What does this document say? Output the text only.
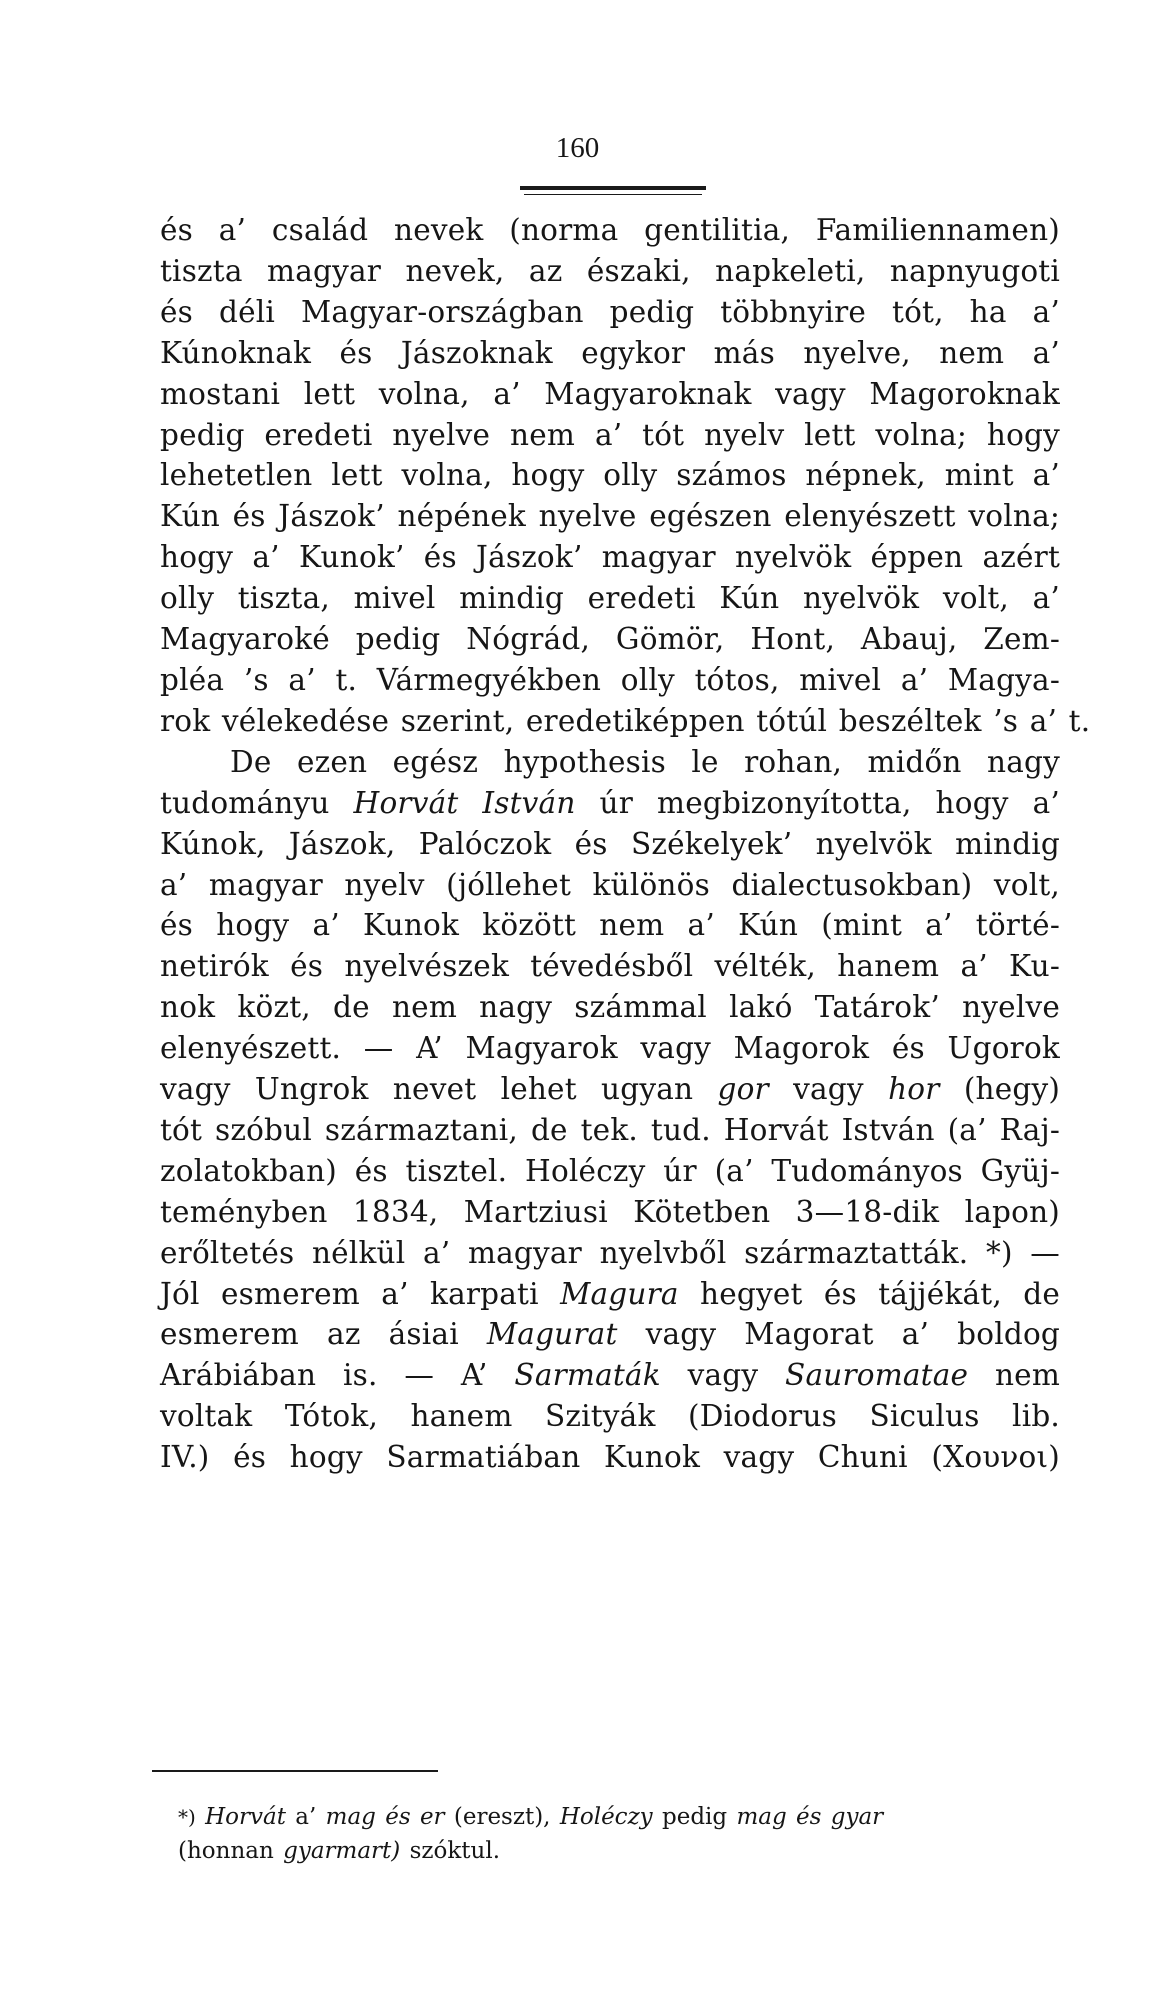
160
és a’ család nevek (norma gentilitia, Familiennamen)
tiszta magyar nevek, az északi, napkeleti, napnyugoti
és déli Magyar-országban pedig többnyire tót, ha a’
Kúnoknak és Jászoknak egykor más nyelve, nem a’
mostani lett volna, a’ Magyaroknak vagy Magoroknak
pedig eredeti nyelve nem a’ tót nyelv lett volna; hogy
lehetetlen lett volna, hogy olly számos népnek, mint a’
Kún és Jászok’ népének nyelve egészen elenyészett volna;
hogy a’ Kunok’ és Jászok’ magyar nyelvök éppen azért
olly tiszta, mivel mindig eredeti Kún nyelvök volt, a’
Magyaroké pedig Nógrád, Gömör, Hont, Abauj, Zem-
pléa ’s a’ t. Vármegyékben olly tótos, mivel a’ Magya-
rok vélekedése szerint, eredetiképpen tótúl beszéltek ’s a’ t.
De ezen egész hypothesis le rohan, midőn nagy
tudományu Horvát István úr megbizonyította, hogy a’
Kúnok, Jászok, Palóczok és Székelyek’ nyelvök mindig
a’ magyar nyelv (jóllehet különös dialectusokban) volt,
és hogy a’ Kunok között nem a’ Kún (mint a’ törté-
netirók és nyelvészek tévedésből vélték, hanem a’ Ku-
nok közt, de nem nagy számmal lakó Tatárok’ nyelve
elenyészett. — A’ Magyarok vagy Magorok és Ugorok
vagy Ungrok nevet lehet ugyan gor vagy hor (hegy)
tót szóbul származtani, de tek. tud. Horvát István (a’ Raj-
zolatokban) és tisztel. Holéczy úr (a’ Tudományos Gyüj-
teményben 1834, Martziusi Kötetben 3—18-dik lapon)
erőltetés nélkül a’ magyar nyelvből származtatták. *) —
Jól esmerem a’ karpati Magura hegyet és tájjékát, de
esmerem az ásiai Magurat vagy Magorat a’ boldog
Arábiában is. — A’ Sarmaták vagy Sauromatae nem
voltak Tótok, hanem Szityák (Diodorus Siculus lib.
IV.) és hogy Sarmatiában Kunok vagy Chuni (Χουνοι)
*) Horvát a’ mag és er (ereszt), Holéczy pedig mag és gyar
(honnan gyarmart) szóktul.
